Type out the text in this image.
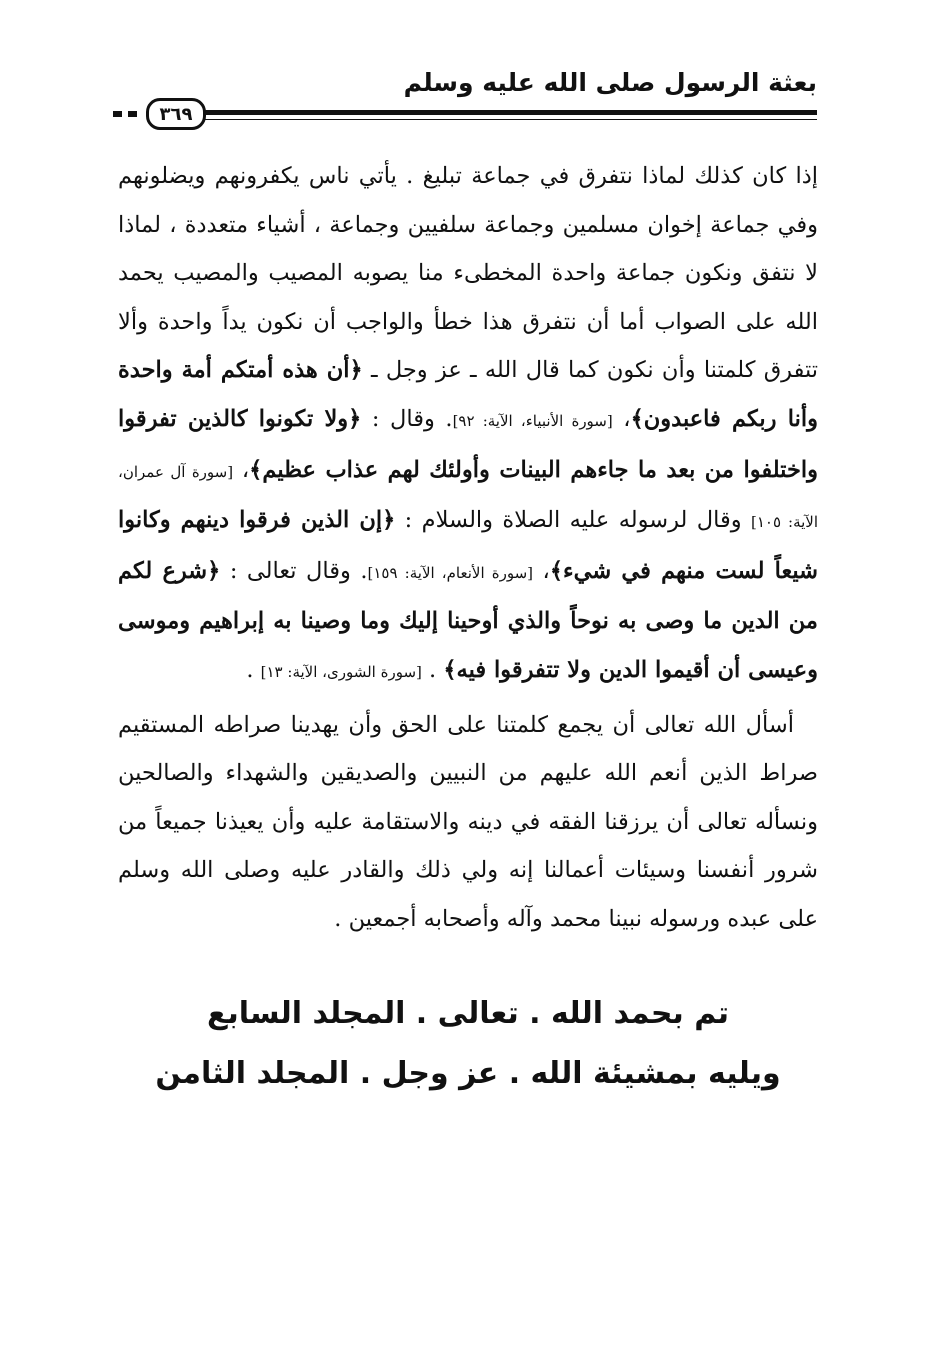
بعثة الرسول صلى الله عليه وسلم
٣٦٩

إذا كان كذلك لماذا نتفرق في جماعة تبليغ . يأتي ناس يكفرونهم ويضلونهم وفي جماعة إخوان مسلمين وجماعة سلفيين وجماعة ، أشياء متعددة ، لماذا لا نتفق ونكون جماعة واحدة المخطىء منا يصوبه المصيب والمصيب يحمد الله على الصواب أما أن نتفرق هذا خطأ والواجب أن نكون يداً واحدة وألا تتفرق كلمتنا وأن نكون كما قال الله ـ عز وجل ـ ﴿أن هذه أمتكم أمة واحدة وأنا ربكم فاعبدون﴾، [سورة الأنبياء، الآية: ٩٢]. وقال : ﴿ولا تكونوا كالذين تفرقوا واختلفوا من بعد ما جاءهم البينات وأولئك لهم عذاب عظيم﴾، [سورة آل عمران، الآية: ١٠٥] وقال لرسوله عليه الصلاة والسلام : ﴿إن الذين فرقوا دينهم وكانوا شيعاً لست منهم في شيء﴾، [سورة الأنعام، الآية: ١٥٩]. وقال تعالى : ﴿شرع لكم من الدين ما وصى به نوحاً والذي أوحينا إليك وما وصينا به إبراهيم وموسى وعيسى أن أقيموا الدين ولا تتفرقوا فيه﴾ . [سورة الشورى، الآية: ١٣] .

أسأل الله تعالى أن يجمع كلمتنا على الحق وأن يهدينا صراطه المستقيم صراط الذين أنعم الله عليهم من النبيين والصديقين والشهداء والصالحين ونسأله تعالى أن يرزقنا الفقه في دينه والاستقامة عليه وأن يعيذنا جميعاً من شرور أنفسنا وسيئات أعمالنا إنه ولي ذلك والقادر عليه وصلى الله وسلم على عبده ورسوله نبينا محمد وآله وأصحابه أجمعين .

تم بحمد الله . تعالى . المجلد السابع
ويليه بمشيئة الله . عز وجل . المجلد الثامن
